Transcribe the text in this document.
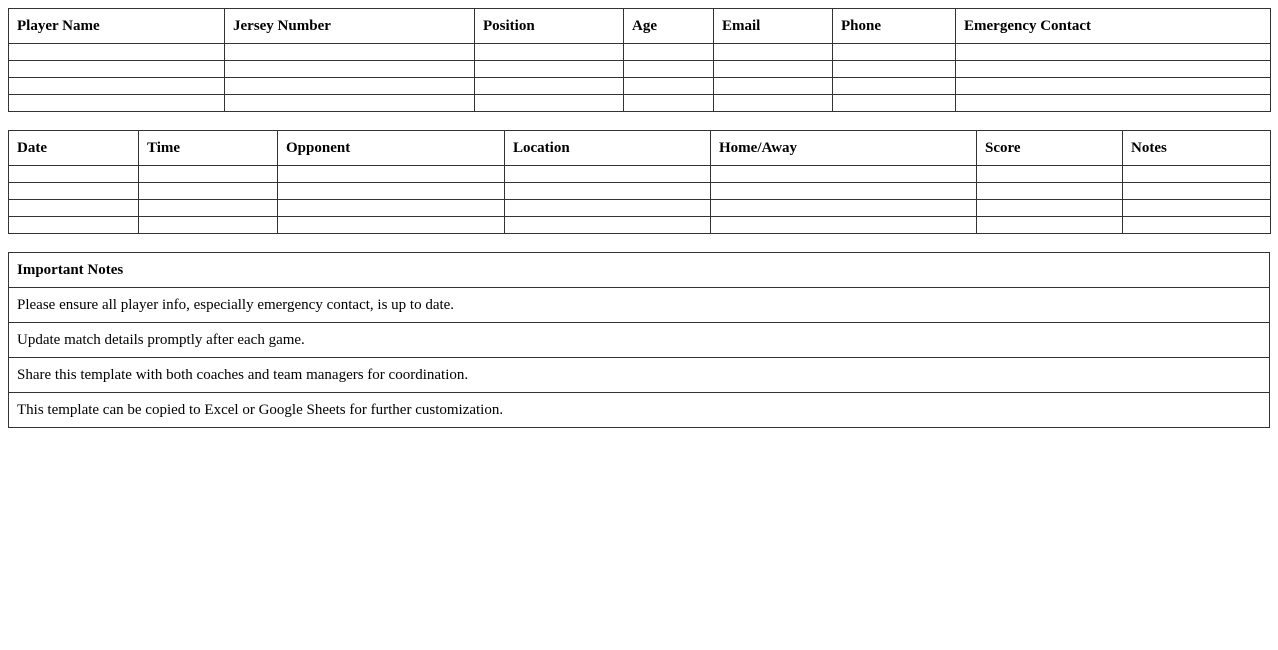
Player Name	Jersey Number	Position	Age	Email	Phone	Emergency Contact

Date	Time	Opponent	Location	Home/Away	Score	Notes

Important Notes
Please ensure all player info, especially emergency contact, is up to date.
Update match details promptly after each game.
Share this template with both coaches and team managers for coordination.
This template can be copied to Excel or Google Sheets for further customization.
